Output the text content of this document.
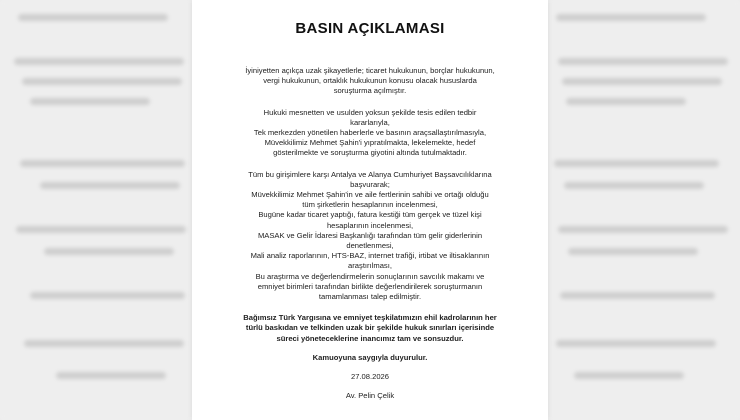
BASIN AÇIKLAMASI

İyiniyetten açıkça uzak şikayetlerle; ticaret hukukunun, borçlar hukukunun,

vergi hukukunun, ortaklık hukukunun konusu olacak hususlarda

soruşturma açılmıştır.

Hukuki mesnetten ve usulden yoksun şekilde tesis edilen tedbir

kararlarıyla,

Tek merkezden yönetilen haberlerle ve basının araçsallaştırılmasıyla,

Müvekkilimiz Mehmet Şahin'i yıpratılmakta, lekelemekte, hedef

gösterilmekte ve soruşturma giyotini altında tutulmaktadır.

Tüm bu girişimlere karşı Antalya ve Alanya Cumhuriyet Başsavcılıklarına

başvurarak;

Müvekkilimiz Mehmet Şahin'in ve aile fertlerinin sahibi ve ortağı olduğu

tüm şirketlerin hesaplarının incelenmesi,

Bugüne kadar ticaret yaptığı, fatura kestiği tüm gerçek ve tüzel kişi

hesaplarının incelenmesi,

MASAK ve Gelir İdaresi Başkanlığı tarafından tüm gelir giderlerinin

denetlenmesi,

Mali analiz raporlarının, HTS-BAZ, internet trafiği, irtibat ve iltisaklarının

araştırılması,

Bu araştırma ve değerlendirmelerin sonuçlarının savcılık makamı ve

emniyet birimleri tarafından birlikte değerlendirilerek soruşturmanın

tamamlanması talep edilmiştir.

Bağımsız Türk Yargısına ve emniyet teşkilatımızın ehil kadrolarının her

türlü baskıdan ve telkinden uzak bir şekilde hukuk sınırları içerisinde

süreci yöneteceklerine inancımız tam ve sonsuzdur.

Kamuoyuna saygıyla duyurulur.

27.08.2026

Av. Pelin Çelik
